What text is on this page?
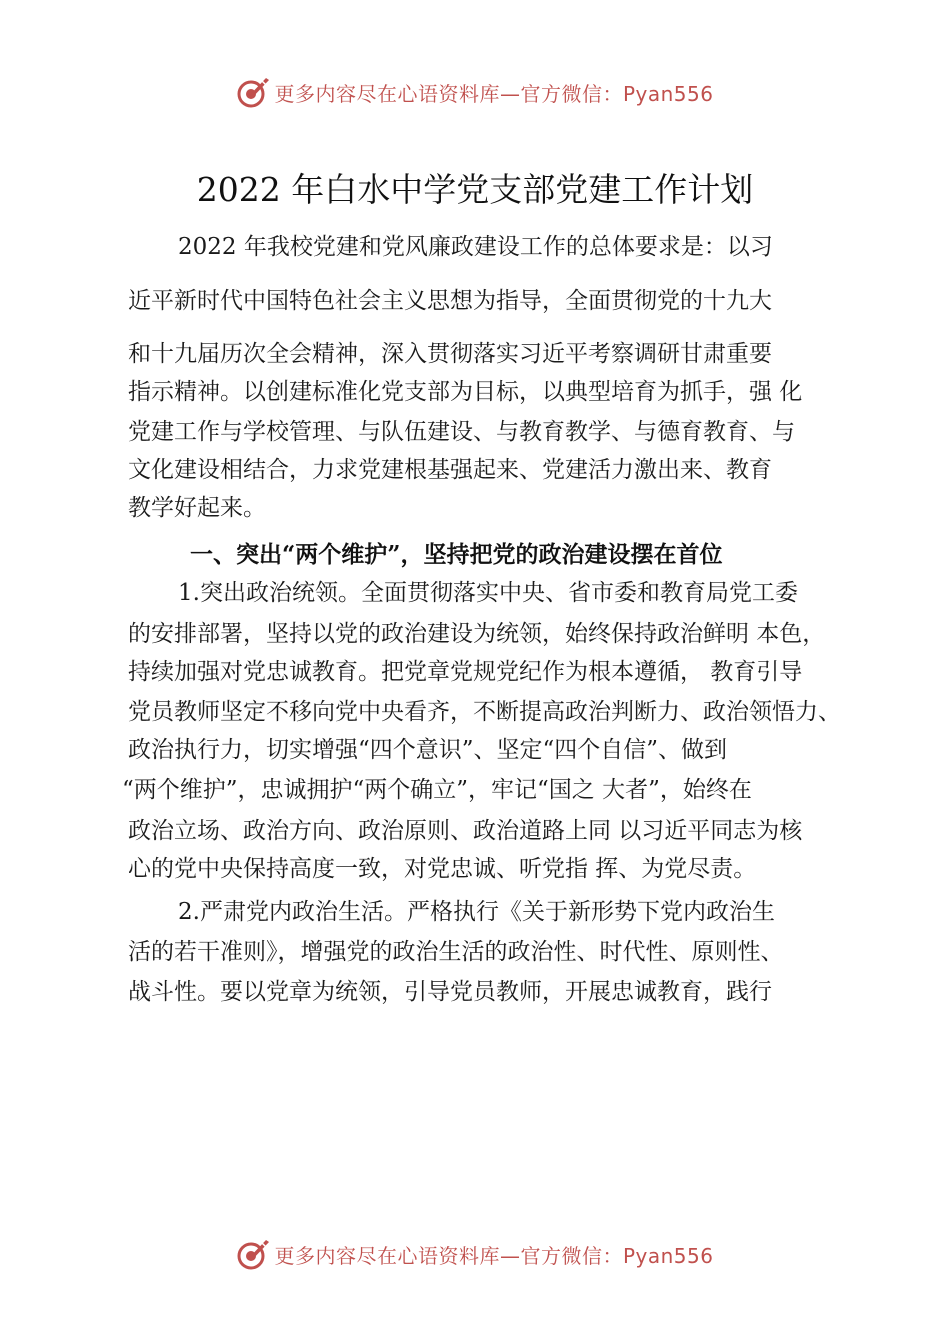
更多内容尽在心语资料库—官方微信：Pyan556
2022 年白水中学党支部党建工作计划
2022 年我校党建和党风廉政建设工作的总体要求是：以习
近平新时代中国特色社会主义思想为指导，全面贯彻党的十九大
和十九届历次全会精神，深入贯彻落实习近平考察调研甘肃重要
指示精神。以创建标准化党支部为目标，以典型培育为抓手，强 化
党建工作与学校管理、与队伍建设、与教育教学、与德育教育、与
文化建设相结合，力求党建根基强起来、党建活力激出来、教育
教学好起来。
一、突出“两个维护”，坚持把党的政治建设摆在首位
1.突出政治统领。全面贯彻落实中央、省市委和教育局党工委
的安排部署，坚持以党的政治建设为统领，始终保持政治鲜明 本色，
持续加强对党忠诚教育。把党章党规党纪作为根本遵循， 教育引导
党员教师坚定不移向党中央看齐，不断提高政治判断力、政治领悟力、
政治执行力，切实增强“四个意识”、坚定“四个自信”、做到
“两个维护”，忠诚拥护“两个确立”，牢记“国之 大者”，始终在
政治立场、政治方向、政治原则、政治道路上同 以习近平同志为核
心的党中央保持高度一致，对党忠诚、听党指 挥、为党尽责。
2.严肃党内政治生活。严格执行《关于新形势下党内政治生
活的若干准则》，增强党的政治生活的政治性、时代性、原则性、
战斗性。要以党章为统领，引导党员教师，开展忠诚教育，践行
更多内容尽在心语资料库—官方微信：Pyan556
